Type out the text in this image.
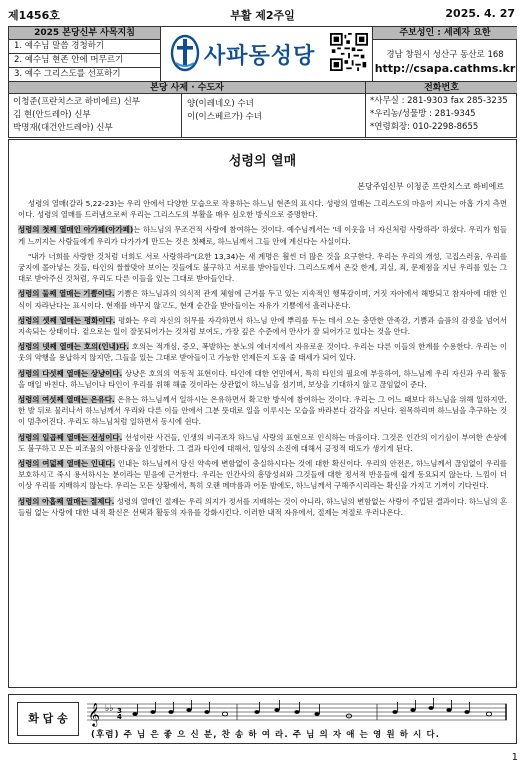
제1456호	부활 제2주일	2025. 4. 27
2025 본당신부 사목지침
1. 예수님 말씀 경청하기
2. 예수님 현존 안에 머무르기
3. 예수 그리스도를 선포하기
사파동성당
주보성인 : 세례자 요한
경남 창원시 성산구 동산로 168
http://csapa.cathms.kr
본당 사제 · 수도자	전화번호
이청준(프란치스코 하비에르) 신부
김 현(안드레아) 신부
박명재(대건안드레아) 신부
양(이레네오) 수녀
이(이스베르가) 수녀
*사무실 : 281-9303 fax 285-3235
*우리농/성물방 : 281-9345
*연령회장: 010-2298-8655
성령의 열매
본당주임신부 이청준 프란치스코 하비에르

성령의 열매(갈라 5,22-23)는 우리 안에서 다양한 모습으로 작용하는 하느님 현존의 표시다. 성령의 열매는 그리스도의 마음이 지니는 아홉 가지 측면이다. 성령의 열매를 드러냄으로써 우리는 그리스도의 부활을 매우 심오한 방식으로 증명한다.

성령의 첫째 열매인 아가페(아가페)는 하느님의 무조건적 사랑에 참여하는 것이다. 예수님께서는 '네 이웃을 너 자신처럼 사랑하라' 하셨다. 우리가 힘들게 느끼지는 사람들에게 우리가 다가가게 만드는 것은 첫째로, 하느님께서 그들 안에 계신다는 사실이다.

"내가 너희를 사랑한 것처럼 너희도 서로 사랑하라"(요한 13,34)는 새 계명은 훨씬 더 많은 것을 요구한다. 우리는 우리의 개성, 고집스러움, 우리를 궁지에 몰아넣는 것들, 타인의 쌀쌀맞아 보이는 것들에도 불구하고 서로를 받아들인다. 그리스도께서 온갖 한계, 괴실, 죄, 문제점을 지닌 우리를 있는 그대로 받아주신 것처럼, 우리도 다른 이들을 있는 그대로 받아들인다.

성령의 둘째 열매는 기쁨이다. 기쁨은 하느님과의 의식적 관계 체험에 근거를 두고 있는 지속적인 행복감이며, 거짓 자아에서 해방되고 참자아에 대한 인식이 자라난다는 표시이다. 현재를 바꾸지 않고도, 현재 순간을 받아들이는 자유가 기쁨에서 흘러나온다.

성령의 셋째 열매는 평화이다. 평화는 우리 자신의 허무를 자각하면서 하느님 안에 뿌리를 두는 데서 오는 충만한 만족감, 기쁨과 슬픔의 감정을 넘어서 지속되는 상태이다. 겉으로는 일이 잘못되어가는 것처럼 보여도, 가장 깊은 수준에서 만사가 잘 되어가고 있다는 것을 안다.

성령의 넷째 열매는 호의(인내)다. 호의는 적개심, 증오, 폭발하는 분노의 에너지에서 자유로운 것이다. 우리는 다른 이들의 한계를 수용한다. 우리는 이웃의 약행을 용납하지 않지만, 그들을 있는 그대로 받아들이고 가능한 언제든지 도움 줄 태세가 되어 있다.

성령의 다섯째 열매는 상냥이다. 상냥은 호의의 역동적 표현이다. 타인에 대한 연민에서, 특히 타인의 필요에 부응하여, 하느님께 우리 자신과 우리 활동을 매일 바친다. 하느님이나 타인이 우리를 위해 해줄 것이라는 상관없이 하느님을 섬기며, 보상을 기대하지 않고 끊임없이 준다.

성령의 여섯째 열매는 온유다. 온유는 하느님께서 일하시는 온유하면서 확고한 방식에 참여하는 것이다. 우리는 그 어느 때보다 하느님을 위해 일하지만, 한 발 뒤로 물러나서 하느님께서 우리와 다른 이들 안에서 그분 뜻대로 일을 이루시는 모습을 바라본다 감각을 지닌다. 원목하리며 하느님을 추구하는 것이 멈추어진다. 우리도 하느님처럼 일하면서 동시에 쉰다.

성령의 일곱째 열매는 선성이다. 선성이란 사건들, 인생의 비극조차 하느님 사랑의 표현으로 인식하는 마음이다. 그것은 인간의 이기심이 부여한 손상에도 불구하고 모든 피조물의 아름다움을 인정한다. 그 결과 타인에 대해서, 일상의 소진에 대해서 긍정적 태도가 생기게 된다.

성령의 여덟째 열매는 인내다. 인내는 하느님께서 당신 약속에 변함없이 충실하시다는 것에 대한 확신이다. 우리의 안전은, 하느님께서 끊임없이 우리를 보호하시고 죽시 용서하시는 분이라는 믿음에 근거한다. 우리는 인간사의 흥망성쇠와 그것들에 대한 정서적 반응들에 쉽게 동요되지 않는다. 느낌이 더 이상 우리를 지배하지 않는다. 우리는 모든 상황에서, 특히 오랜 메마름과 어둔 밤에도, 하느님께서 구해주시리라는 확신을 가지고 기꺼이 기다린다.

성령의 아홉째 열매는 절제다. 성령의 열매인 절제는 우리 의지가 정서를 지배하는 것이 아니라, 하느님의 변함없는 사랑이 주입된 결과이다. 하느님의 흔들림 없는 사랑에 대한 내적 확신은 선택과 활동의 자유를 강화시킨다. 이러한 내적 자유에서, 절제는 저절로 우러나온다.

화 답 송	𝄞 ♭♭ 3
4
(후렴) 주 님 은 좋 으 신 분, 찬 송 하 여 라. 주 님 의 자 애 는 영 원 하 시 다.
1
